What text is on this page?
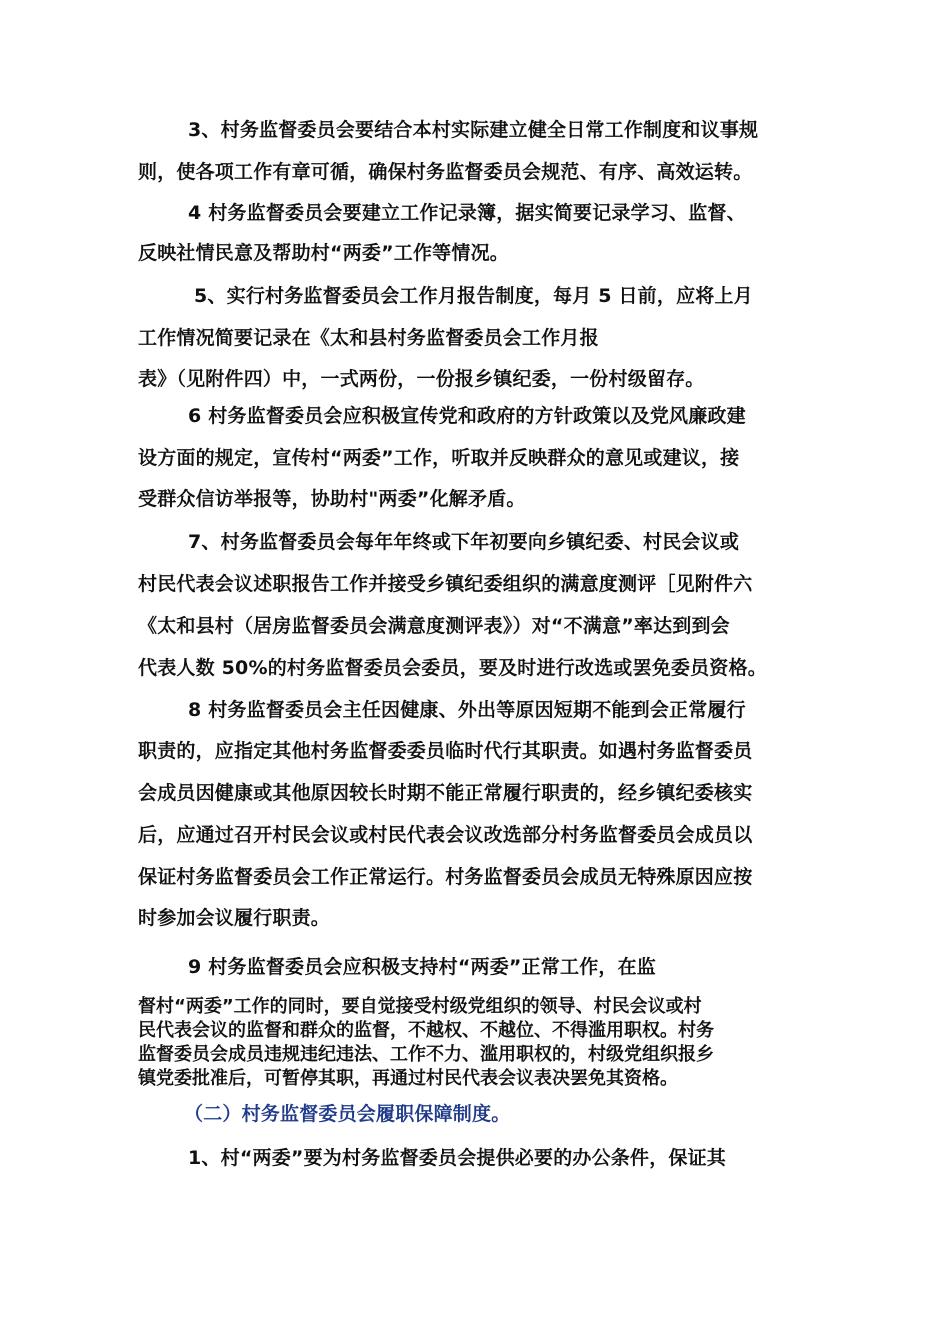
3、村务监督委员会要结合本村实际建立健全日常工作制度和议事规
则，使各项工作有章可循，确保村务监督委员会规范、有序、高效运转。
4 村务监督委员会要建立工作记录簿，据实简要记录学习、监督、
反映社情民意及帮助村“两委”工作等情况。
5、实行村务监督委员会工作月报告制度，每月 5 日前，应将上月
工作情况简要记录在《太和县村务监督委员会工作月报
表》（见附件四）中，一式两份，一份报乡镇纪委，一份村级留存。
6 村务监督委员会应积极宣传党和政府的方针政策以及党风廉政建
设方面的规定，宣传村“两委”工作，听取并反映群众的意见或建议，接
受群众信访举报等，协助村"两委”化解矛盾。
7、村务监督委员会每年年终或下年初要向乡镇纪委、村民会议或
村民代表会议述职报告工作并接受乡镇纪委组织的满意度测评［见附件六
《太和县村（居房监督委员会满意度测评表》）对“不满意”率达到到会
代表人数 50%的村务监督委员会委员，要及时进行改选或罢免委员资格。
8 村务监督委员会主任因健康、外出等原因短期不能到会正常履行
职责的，应指定其他村务监督委委员临时代行其职责。如遇村务监督委员
会成员因健康或其他原因较长时期不能正常履行职责的，经乡镇纪委核实
后，应通过召开村民会议或村民代表会议改选部分村务监督委员会成员以
保证村务监督委员会工作正常运行。村务监督委员会成员无特殊原因应按
时参加会议履行职责。
9 村务监督委员会应积极支持村“两委”正常工作，在监
督村“两委”工作的同时，要自觉接受村级党组织的领导、村民会议或村
民代表会议的监督和群众的监督，不越权、不越位、不得滥用职权。村务
监督委员会成员违规违纪违法、工作不力、滥用职权的，村级党组织报乡
镇党委批准后，可暂停其职，再通过村民代表会议表决罢免其资格。
（二）村务监督委员会履职保障制度。
1、村“两委”要为村务监督委员会提供必要的办公条件，保证其
